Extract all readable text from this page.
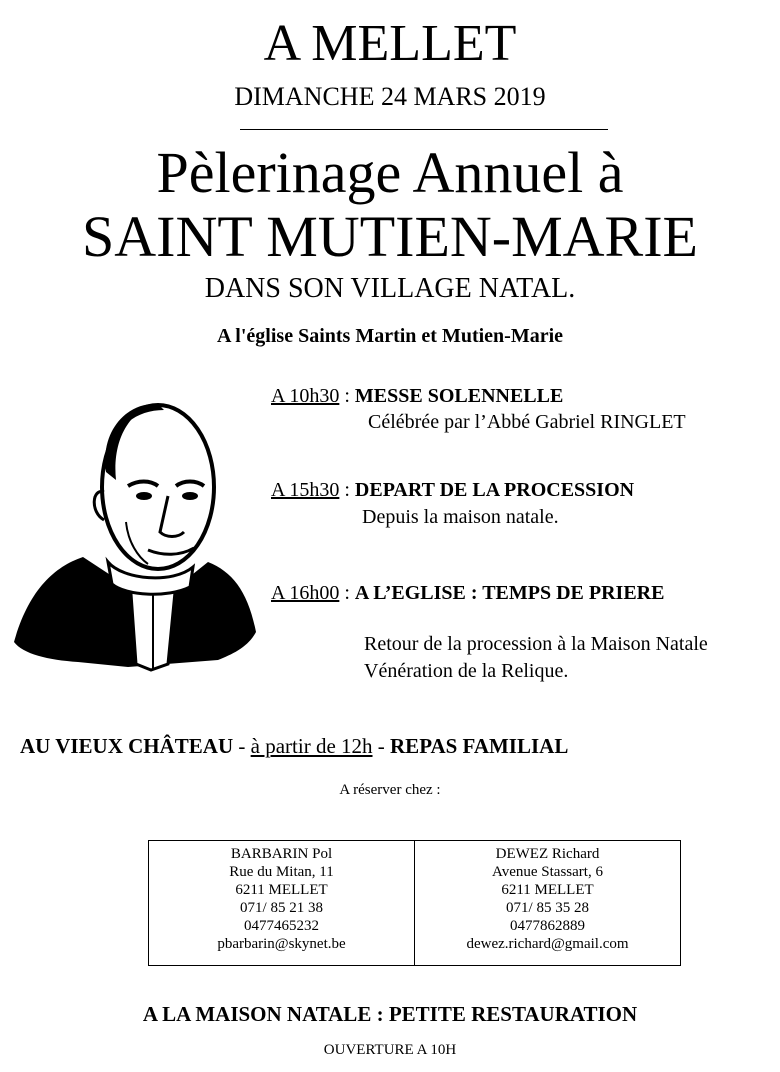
A MELLET
DIMANCHE 24 MARS 2019
Pèlerinage Annuel à
SAINT MUTIEN-MARIE
DANS SON VILLAGE NATAL.
A l'église Saints Martin et Mutien-Marie
A 10h30 : MESSE SOLENNELLE
Célébrée par l’Abbé Gabriel RINGLET
A 15h30 : DEPART DE LA PROCESSION
Depuis la maison natale.
A 16h00 : A L’EGLISE : TEMPS DE PRIERE
Retour de la procession à la Maison Natale
Vénération de la Relique.
AU VIEUX CHÂTEAU - à partir de 12h - REPAS FAMILIAL
A réserver chez :
BARBARIN Pol
Rue du Mitan, 11
6211 MELLET
071/ 85 21 38
0477465232
pbarbarin@skynet.be
DEWEZ Richard
Avenue Stassart, 6
6211 MELLET
071/ 85 35 28
0477862889
dewez.richard@gmail.com
A LA MAISON NATALE : PETITE RESTAURATION
OUVERTURE A 10H
